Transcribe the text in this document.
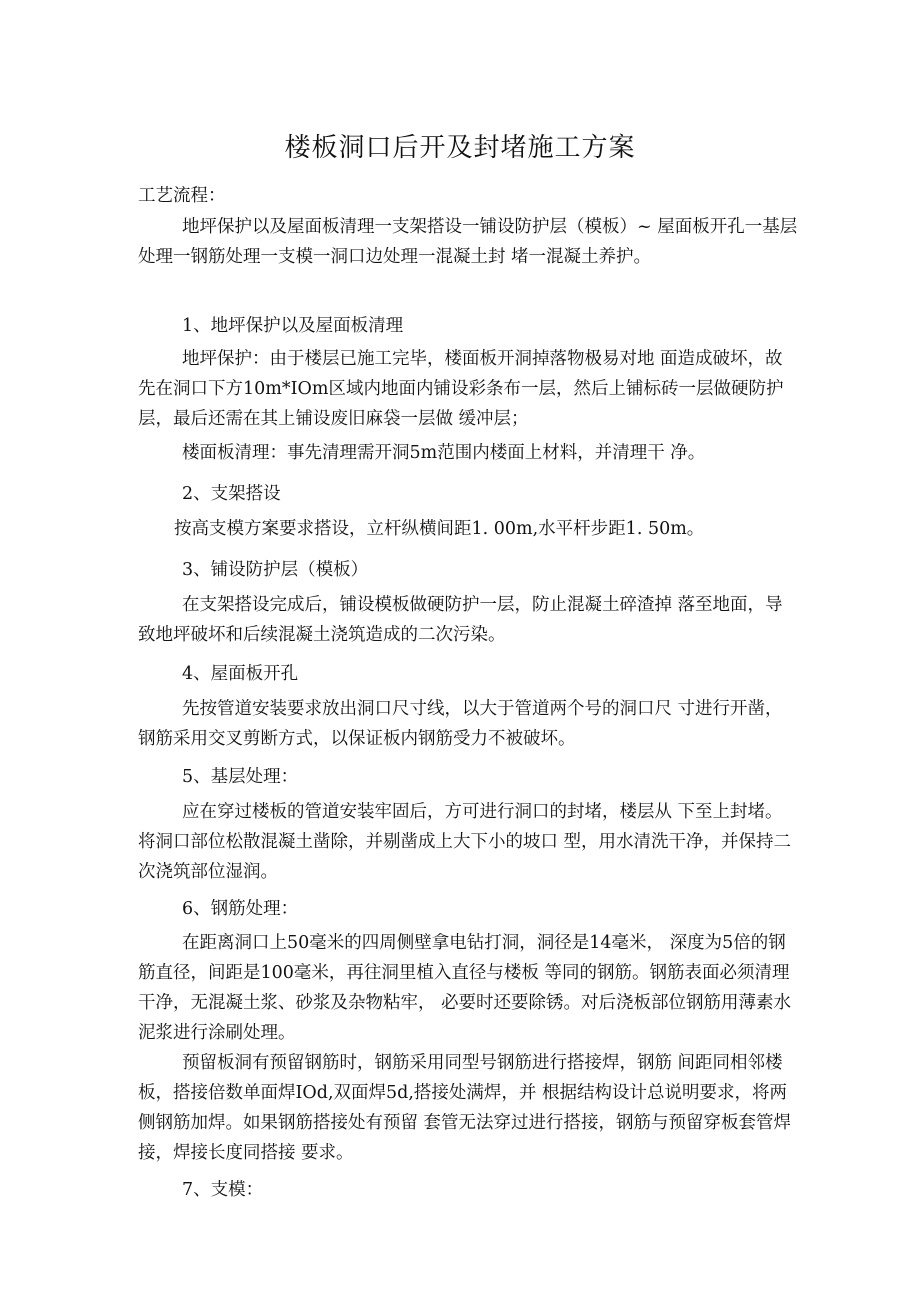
楼板洞口后开及封堵施工方案
工艺流程：

地坪保护以及屋面板清理一支架搭设一铺设防护层（模板）~ 屋面板开孔一基层处理一钢筋处理一支模一洞口边处理一混凝土封 堵一混凝土养护。

1、地坪保护以及屋面板清理

地坪保护：由于楼层已施工完毕，楼面板开洞掉落物极易对地 面造成破坏，故先在洞口下方10m*IOm区域内地面内铺设彩条布一层，然后上铺标砖一层做硬防护层，最后还需在其上铺设废旧麻袋一层做 缓冲层；

楼面板清理：事先清理需开洞5m范围内楼面上材料，并清理干 净。

2、支架搭设

按高支模方案要求搭设，立杆纵横间距1. 00m,水平杆步距1. 50m。

3、铺设防护层（模板）

在支架搭设完成后，铺设模板做硬防护一层，防止混凝土碎渣掉 落至地面，导致地坪破坏和后续混凝土浇筑造成的二次污染。

4、屋面板开孔

先按管道安装要求放出洞口尺寸线，以大于管道两个号的洞口尺 寸进行开凿，钢筋采用交叉剪断方式，以保证板内钢筋受力不被破坏。

5、基层处理：

应在穿过楼板的管道安装牢固后，方可进行洞口的封堵，楼层从 下至上封堵。将洞口部位松散混凝土凿除，并剔凿成上大下小的坡口 型，用水清洗干净，并保持二次浇筑部位湿润。

6、钢筋处理：

在距离洞口上50毫米的四周侧壁拿电钻打洞，洞径是14毫米， 深度为5倍的钢筋直径，间距是100毫米，再往洞里植入直径与楼板 等同的钢筋。钢筋表面必须清理干净，无混凝土浆、砂浆及杂物粘牢， 必要时还要除锈。对后浇板部位钢筋用薄素水泥浆进行涂刷处理。

预留板洞有预留钢筋时，钢筋采用同型号钢筋进行搭接焊，钢筋 间距同相邻楼板，搭接倍数单面焊IOd,双面焊5d,搭接处满焊，并 根据结构设计总说明要求，将两侧钢筋加焊。如果钢筋搭接处有预留 套管无法穿过进行搭接，钢筋与预留穿板套管焊接，焊接长度同搭接 要求。

7、支模：
